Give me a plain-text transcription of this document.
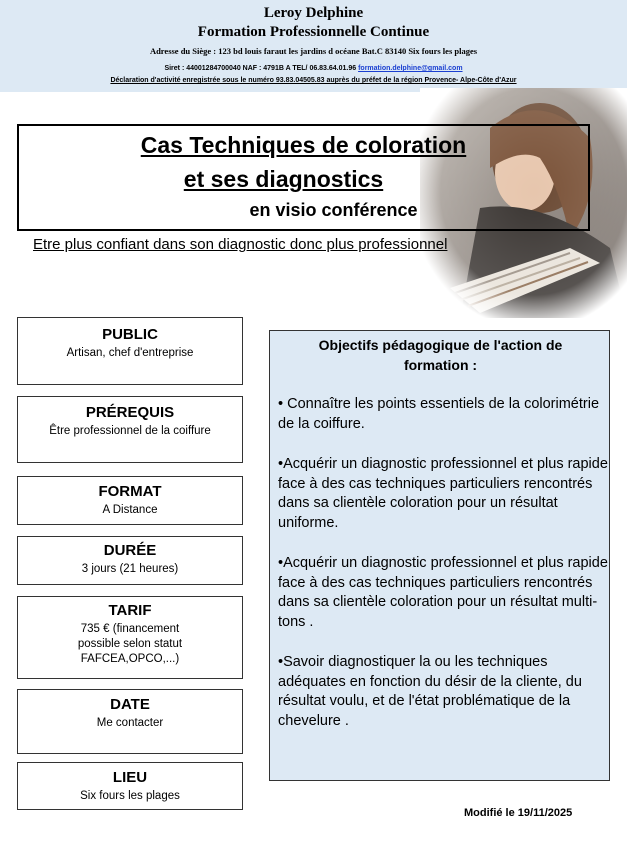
Leroy Delphine
Formation Professionnelle Continue
Adresse du Siège : 123 bd louis faraut les jardins d océane Bat.C 83140 Six fours les plages
Siret : 44001284700040 NAF : 4791B A TEL/ 06.83.64.01.96 formation.delphine@gmail.com
Déclaration d'activité enregistrée sous le numéro 93.83.04505.83 auprès du préfet de la région Provence- Alpe-Côte d'Azur
Cas Techniques de coloration
et ses diagnostics
en visio conférence
Etre plus confiant dans son diagnostic donc plus professionnel
PUBLIC
Artisan, chef d'entreprise
PRÉREQUIS
Être professionnel de la coiffure
FORMAT
A Distance
DURÉE
3 jours (21 heures)
TARIF
735 € (financement
possible selon statut
FAFCEA,OPCO,...)
DATE
Me contacter
LIEU
Six fours les plages
Objectifs pédagogique de l'action de formation :
• Connaître les points essentiels de la colorimétrie de la coiffure.
•Acquérir un diagnostic professionnel et plus rapide face à des cas techniques particuliers rencontrés dans sa clientèle coloration pour un résultat uniforme.
•Acquérir un diagnostic professionnel et plus rapide face à des cas techniques particuliers rencontrés dans sa clientèle coloration pour un résultat multi- tons .
•Savoir diagnostiquer la ou les techniques adéquates en fonction du désir de la cliente, du résultat voulu, et de l'état problématique de la chevelure .
Modifié le 19/11/2025
